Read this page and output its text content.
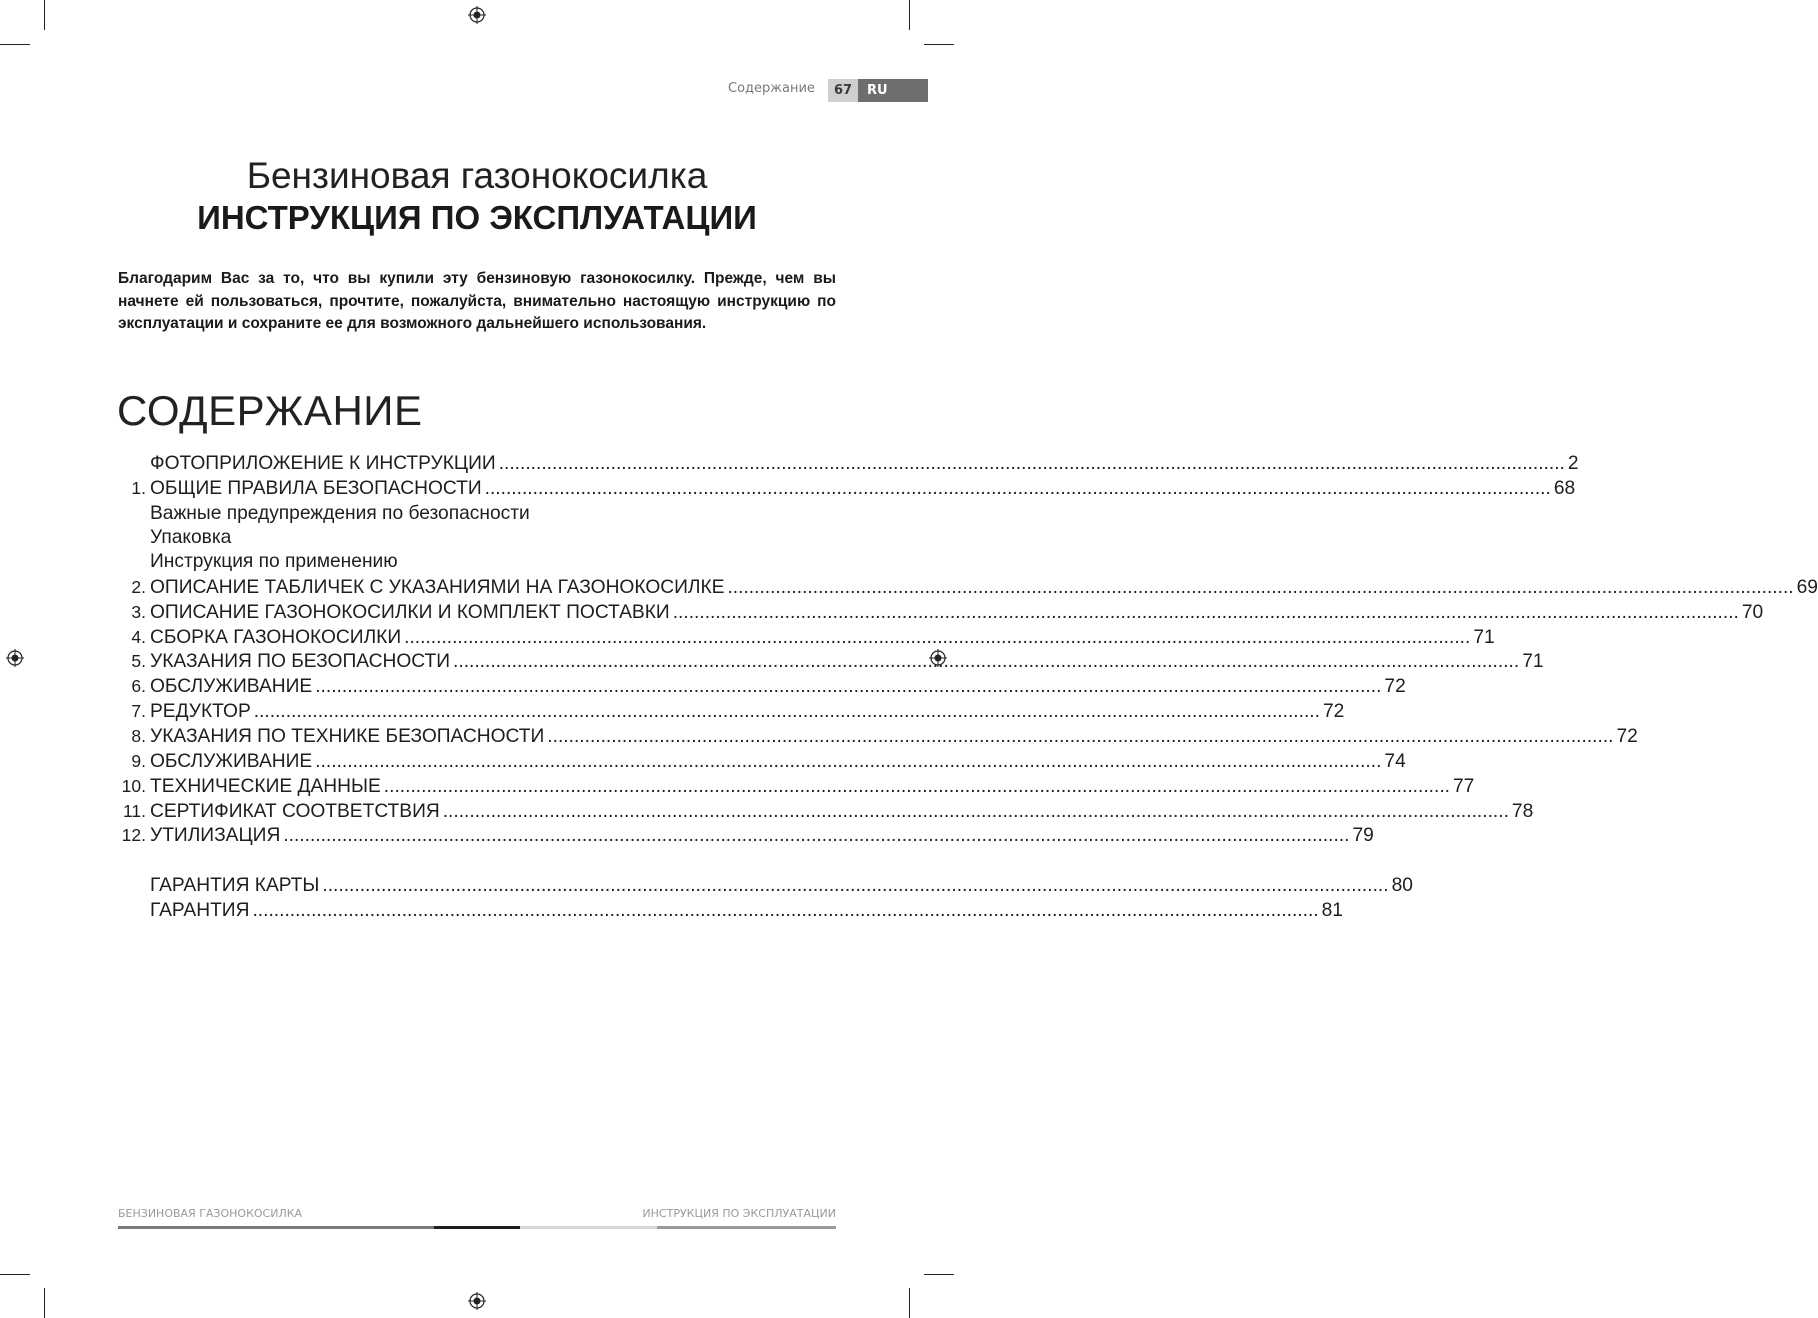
Содержание	67	RU
Бензиновая газонокосилка
ИНСТРУКЦИЯ ПО ЭКСПЛУАТАЦИИ
Благодарим Вас за то, что вы купили эту бензиновую газонокосилку. Прежде, чем вы начнете ей пользоваться, прочтите, пожалуйста, внимательно настоящую инструкцию по эксплуатации и сохраните ее для возможного дальнейшего использования.
СОДЕРЖАНИЕ
ФОТОПРИЛОЖЕНИЕ К ИНСТРУКЦИИ ........................................................................................................................................................................................................ 2
1. ОБЩИЕ ПРАВИЛА БЕЗОПАСНОСТИ ........................................................................................................................................................................................................ 68
Важные предупреждения по безопасности
Упаковка
Инструкция по применению
2. ОПИСАНИЕ ТАБЛИЧЕК С УКАЗАНИЯМИ НА ГАЗОНОКОСИЛКЕ ........................................................................................................................................................................................................ 69
3. ОПИСАНИЕ ГАЗОНОКОСИЛКИ И КОМПЛЕКТ ПОСТАВКИ ........................................................................................................................................................................................................ 70
4. СБОРКА ГАЗОНОКОСИЛКИ ........................................................................................................................................................................................................ 71
5. УКАЗАНИЯ ПО БЕЗОПАСНОСТИ ........................................................................................................................................................................................................ 71
6. ОБСЛУЖИВАНИЕ ........................................................................................................................................................................................................ 72
7. РЕДУКТОР ........................................................................................................................................................................................................ 72
8. УКАЗАНИЯ ПО ТЕХНИКЕ БЕЗОПАСНОСТИ ........................................................................................................................................................................................................ 72
9. ОБСЛУЖИВАНИЕ ........................................................................................................................................................................................................ 74
10. ТЕХНИЧЕСКИЕ ДАННЫЕ ........................................................................................................................................................................................................ 77
11. СЕРТИФИКАТ СООТВЕТСТВИЯ ........................................................................................................................................................................................................ 78
12. УТИЛИЗАЦИЯ ........................................................................................................................................................................................................ 79
ГАРАНТИЯ КАРТЫ ........................................................................................................................................................................................................ 80
ГАРАНТИЯ ........................................................................................................................................................................................................ 81
БЕНЗИНОВАЯ ГАЗОНОКОСИЛКА	ИНСТРУКЦИЯ ПО ЭКСПЛУАТАЦИИ
